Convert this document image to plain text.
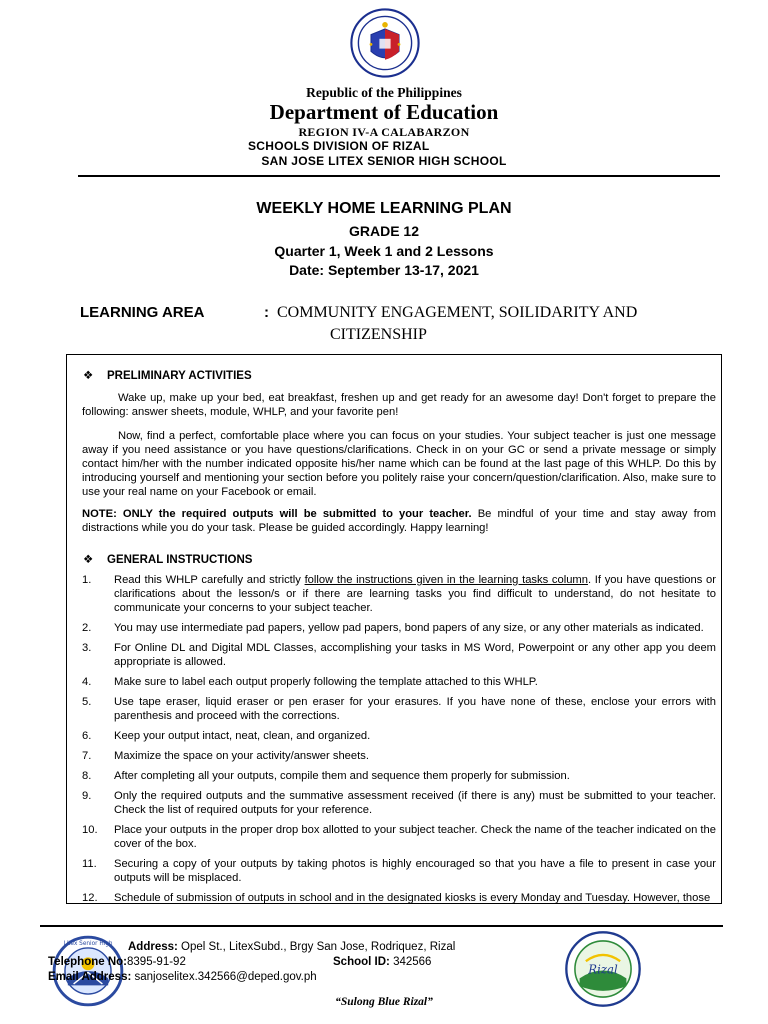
Republic of the Philippines
Department of Education
REGION IV-A CALABARZON
SCHOOLS DIVISION OF RIZAL
SAN JOSE LITEX SENIOR HIGH SCHOOL
WEEKLY HOME LEARNING PLAN
GRADE 12
Quarter 1, Week 1 and 2 Lessons
Date: September 13-17, 2021
LEARNING AREA	: COMMUNITY ENGAGEMENT, SOILIDARITY AND
CITIZENSHIP
❖ PRELIMINARY ACTIVITIES

Wake up, make up your bed, eat breakfast, freshen up and get ready for an awesome day! Don't forget to prepare the following: answer sheets, module, WHLP, and your favorite pen!

Now, find a perfect, comfortable place where you can focus on your studies. Your subject teacher is just one message away if you need assistance or you have questions/clarifications. Check in on your GC or send a private message or simply contact him/her with the number indicated opposite his/her name which can be found at the last page of this WHLP. Do this by introducing yourself and mentioning your section before you politely raise your concern/question/clarification. Also, make sure to use your real name on your Facebook or email.

NOTE: ONLY the required outputs will be submitted to your teacher. Be mindful of your time and stay away from distractions while you do your task. Please be guided accordingly. Happy learning!
❖ GENERAL INSTRUCTIONS
1.	Read this WHLP carefully and strictly follow the instructions given in the learning tasks column. If you have questions or clarifications about the lesson/s or if there are learning tasks you find difficult to understand, do not hesitate to communicate your concerns to your subject teacher.
2.	You may use intermediate pad papers, yellow pad papers, bond papers of any size, or any other materials as indicated.
3.	For Online DL and Digital MDL Classes, accomplishing your tasks in MS Word, Powerpoint or any other app you deem appropriate is allowed.
4.	Make sure to label each output properly following the template attached to this WHLP.
5.	Use tape eraser, liquid eraser or pen eraser for your erasures. If you have none of these, enclose your errors with parenthesis and proceed with the corrections.
6.	Keep your output intact, neat, clean, and organized.
7.	Maximize the space on your activity/answer sheets.
8.	After completing all your outputs, compile them and sequence them properly for submission.
9.	Only the required outputs and the summative assessment received (if there is any) must be submitted to your teacher. Check the list of required outputs for your reference.
10.	Place your outputs in the proper drop box allotted to your subject teacher. Check the name of the teacher indicated on the cover of the box.
11.	Securing a copy of your outputs by taking photos is highly encouraged so that you have a file to present in case your outputs will be misplaced.
12.	Schedule of submission of outputs in school and in the designated kiosks is every Monday and Tuesday. However, those
Litex Senior High Address: Opel St., LitexSubd., Brgy San Jose, Rodriquez, Rizal
Telephone No:8395-91-92	School ID: 342566
Email Address: sanjoselitex.342566@deped.gov.ph
“Sulong Blue Rizal”
Rizal
